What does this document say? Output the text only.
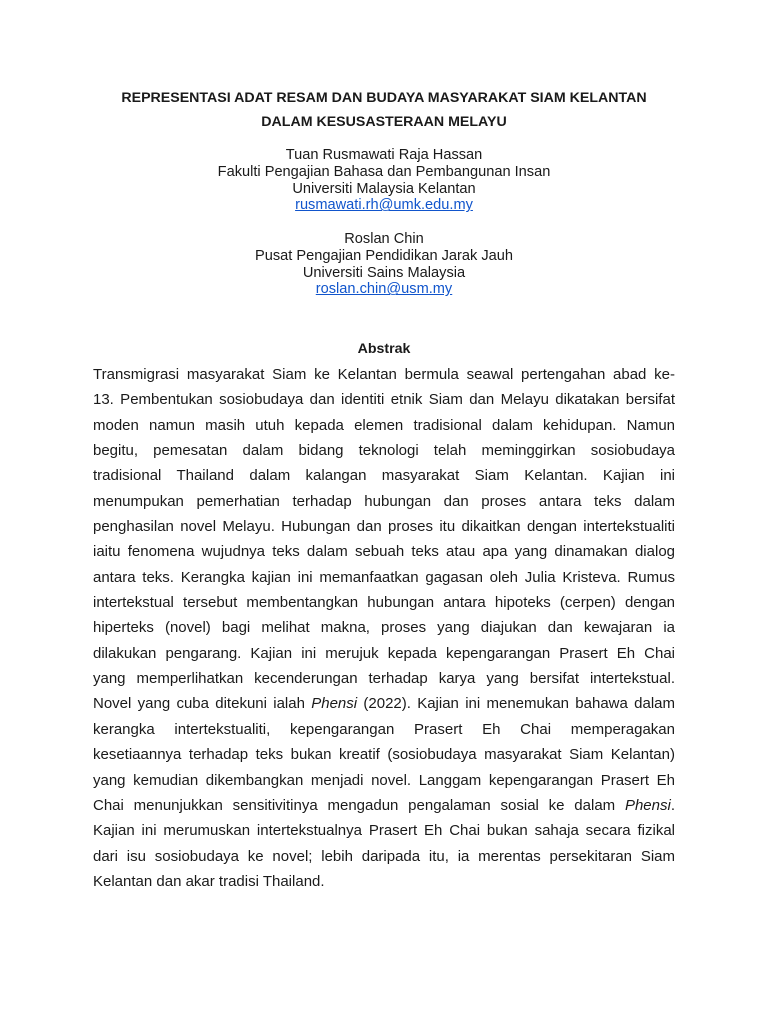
REPRESENTASI ADAT RESAM DAN BUDAYA MASYARAKAT SIAM KELANTAN
DALAM KESUSASTERAAN MELAYU
Tuan Rusmawati Raja Hassan
Fakulti Pengajian Bahasa dan Pembangunan Insan
Universiti Malaysia Kelantan
rusmawati.rh@umk.edu.my
Roslan Chin
Pusat Pengajian Pendidikan Jarak Jauh
Universiti Sains Malaysia
roslan.chin@usm.my
Abstrak
Transmigrasi masyarakat Siam ke Kelantan bermula seawal pertengahan abad ke-
13. Pembentukan sosiobudaya dan identiti etnik Siam dan Melayu dikatakan bersifat
moden namun masih utuh kepada elemen tradisional dalam kehidupan. Namun
begitu, pemesatan dalam bidang teknologi telah meminggirkan sosiobudaya
tradisional Thailand dalam kalangan masyarakat Siam Kelantan. Kajian ini
menumpukan pemerhatian terhadap hubungan dan proses antara teks dalam
penghasilan novel Melayu. Hubungan dan proses itu dikaitkan dengan intertekstualiti
iaitu fenomena wujudnya teks dalam sebuah teks atau apa yang dinamakan dialog
antara teks. Kerangka kajian ini memanfaatkan gagasan oleh Julia Kristeva. Rumus
intertekstual tersebut membentangkan hubungan antara hipoteks (cerpen) dengan
hiperteks (novel) bagi melihat makna, proses yang diajukan dan kewajaran ia
dilakukan pengarang. Kajian ini merujuk kepada kepengarangan Prasert Eh Chai
yang memperlihatkan kecenderungan terhadap karya yang bersifat intertekstual.
Novel yang cuba ditekuni ialah Phensi (2022). Kajian ini menemukan bahawa dalam
kerangka intertekstualiti, kepengarangan Prasert Eh Chai memperagakan
kesetiaannya terhadap teks bukan kreatif (sosiobudaya masyarakat Siam Kelantan)
yang kemudian dikembangkan menjadi novel. Langgam kepengarangan Prasert Eh
Chai menunjukkan sensitivitinya mengadun pengalaman sosial ke dalam Phensi.
Kajian ini merumuskan intertekstualnya Prasert Eh Chai bukan sahaja secara fizikal
dari isu sosiobudaya ke novel; lebih daripada itu, ia merentas persekitaran Siam
Kelantan dan akar tradisi Thailand.
